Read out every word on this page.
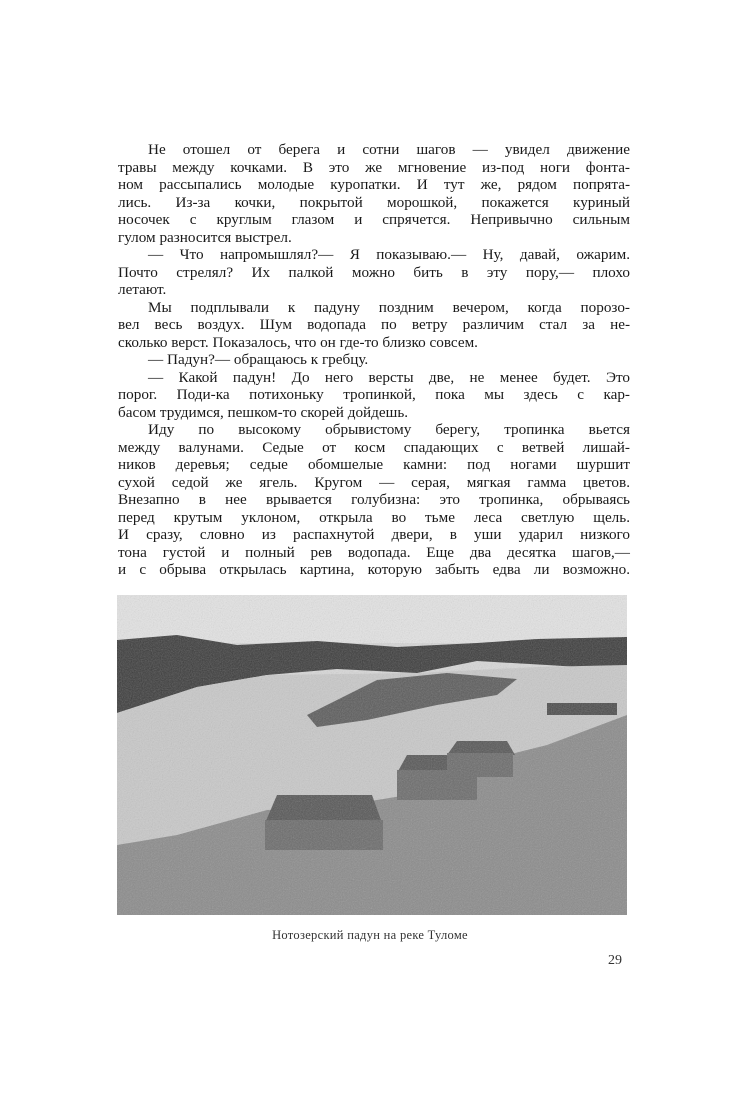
Не отошел от берега и сотни шагов — увидел движение
травы между кочками. В это же мгновение из-под ноги фонта-
ном рассыпались молодые куропатки. И тут же, рядом попрята-
лись. Из-за кочки, покрытой морошкой, покажется куриный
носочек с круглым глазом и спрячется. Непривычно сильным
гулом разносится выстрел.
— Что напромышлял?— Я показываю.— Ну, давай, ожарим.
Почто стрелял? Их палкой можно бить в эту пору,— плохо
летают.
Мы подплывали к падуну поздним вечером, когда порозо-
вел весь воздух. Шум водопада по ветру различим стал за не-
сколько верст. Показалось, что он где-то близко совсем.
— Падун?— обращаюсь к гребцу.
— Какой падун! До него версты две, не менее будет. Это
порог. Поди-ка потихоньку тропинкой, пока мы здесь с кар-
басом трудимся, пешком-то скорей дойдешь.
Иду по высокому обрывистому берегу, тропинка вьется
между валунами. Седые от косм спадающих с ветвей лишай-
ников деревья; седые обомшелые камни: под ногами шуршит
сухой седой же ягель. Кругом — серая, мягкая гамма цветов.
Внезапно в нее врывается голубизна: это тропинка, обрываясь
перед крутым уклоном, открыла во тьме леса светлую щель.
И сразу, словно из распахнутой двери, в уши ударил низкого
тона густой и полный рев водопада. Еще два десятка шагов,—
и с обрыва открылась картина, которую забыть едва ли возможно.
Нотозерский падун на реке Туломе
29
